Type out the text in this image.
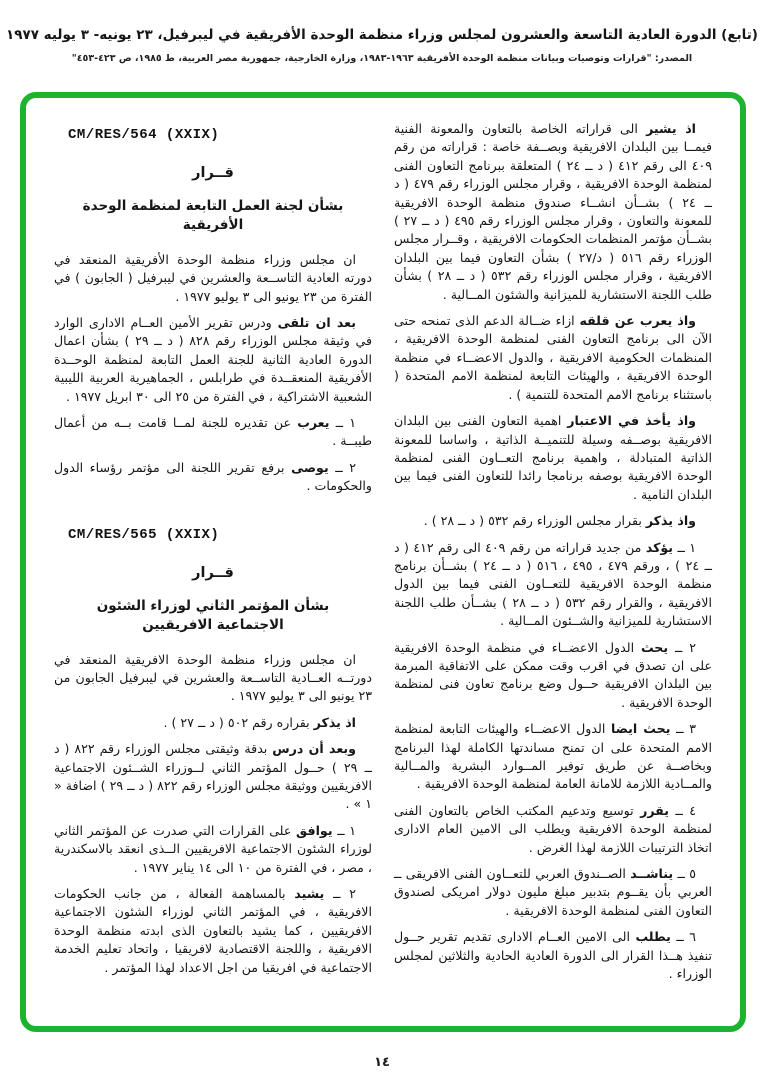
(تابع) الدورة العادية التاسعة والعشرون لمجلس وزراء منظمة الوحدة الأفريقية في ليبرفيل، ٢٣ يونيه- ٣ يوليه ١٩٧٧
المصدر: "قرارات وتوصيات وبيانات منظمة الوحدة الأفريقية ١٩٦٣-١٩٨٣، وزارة الخارجية، جمهورية مصر العربية، ط ١٩٨٥، ص ٤٢٣-٤٥٣"

اذ يشير الى قراراته الخاصة بالتعاون والمعونة الفنية فيمــا بين البلدان الافريقية وبصــفة خاصة : قراراته من رقم ٤٠٩ الى رقم ٤١٢ ( د ــ ٢٤ ) المتعلقة ببرنامج التعاون الفنى لمنظمة الوحدة الافريقية ، وقرار مجلس الوزراء رقم ٤٧٩ ( د ــ ٢٤ ) بشــأن انشــاء صندوق منظمة الوحدة الافريقية للمعونة والتعاون ، وقرار مجلس الوزراء رقم ٤٩٥ ( د ــ ٢٧ ) بشــأن مؤتمر المنظمات الحكومات الافريقية ، وقــرار مجلس الوزراء رقم ٥١٦ ( د/٢٧ ) بشأن التعاون فيما بين البلدان الافريقية ، وقرار مجلس الوزراء رقم ٥٣٢ ( د ــ ٢٨ ) بشأن طلب اللجنة الاستشارية للميزانية والشئون المــالية .

واذ يعرب عن قلقه ازاء ضــالة الدعم الذى تمنحه حتى الآن الى برنامج التعاون الفنى لمنظمة الوحدة الافريقية ، المنظمات الحكومية الافريقية ، والدول الاعضــاء في منظمة الوحدة الافريقية ، والهيئات التابعة لمنظمة الامم المتحدة ( باستثناء برنامج الامم المتحدة للتنمية ) .

واذ يأخذ في الاعتبار اهمية التعاون الفنى بين البلدان الافريقية بوصــفه وسيلة للتنميــة الذاتية ، واساسا للمعونة الذاتية المتبادلة ، واهمية برنامج التعــاون الفنى لمنظمة الوحدة الافريقية بوصفه برنامجا رائدا للتعاون الفنى فيما بين البلدان النامية .

واذ يذكر بقرار مجلس الوزراء رقم ٥٣٢ ( د ــ ٢٨ ) .

١ ــ يؤكد من جديد قراراته من رقم ٤٠٩ الى رقم ٤١٢ ( د ــ ٢٤ ) ، ورقم ٤٧٩ ، ٤٩٥ ، ٥١٦ ( د ــ ٢٤ ) بشــأن برنامج منظمة الوحدة الافريقية للتعــاون الفنى فيما بين الدول الافريقية ، والقرار رقم ٥٣٢ ( د ــ ٢٨ ) بشــأن طلب اللجنة الاستشارية للميزانية والشــئون المــالية .

٢ ــ يحث الدول الاعضــاء في منظمة الوحدة الافريقية على ان تصدق في اقرب وقت ممكن على الاتفاقية المبرمة بين البلدان الافريقية حــول وضع برنامج تعاون فنى لمنظمة الوحدة الافريقية .

٣ ــ يحث ايضا الدول الاعضــاء والهيئات التابعة لمنظمة الامم المتحدة على ان تمنح مساندتها الكاملة لهذا البرنامج وبخاصــة عن طريق توفير المــوارد البشرية والمــالية والمــادية اللازمة للامانة العامة لمنظمة الوحدة الافريقية .

٤ ــ يقرر توسيع وتدعيم المكتب الخاص بالتعاون الفنى لمنظمة الوحدة الافريقية ويطلب الى الامين العام الادارى اتخاذ الترتيبات اللازمة لهذا الغرض .

٥ ــ يناشــد الصــندوق العربي للتعــاون الفنى الافريقى ــ العربي بأن يقــوم بتدبير مبلغ مليون دولار امريكى لصندوق التعاون الفنى لمنظمة الوحدة الافريقية .

٦ ــ يطلب الى الامين العــام الادارى تقديم تقرير حــول تنفيذ هــذا القرار الى الدورة العادية الحادية والثلاثين لمجلس الوزراء .

CM/RES/564 (XXIX)

قــرار

بشأن لجنة العمل التابعة لمنظمة الوحدة الأفريقية

ان مجلس وزراء منظمة الوحدة الأفريقية المنعقد في دورته العادية التاســعة والعشرين في ليبرفيل ( الجابون ) في الفترة من ٢٣ يونيو الى ٣ يوليو ١٩٧٧ .

بعد ان تلقى ودرس تقرير الأمين العــام الادارى الوارد في وثيقة مجلس الوزراء رقم ٨٢٨ ( د ــ ٢٩ ) بشأن اعمال الدورة العادية الثانية للجنة العمل التابعة لمنظمة الوحــدة الأفريقية المنعقــدة في طرابلس ، الجماهيرية العربية الليبية الشعبية الاشتراكية ، في الفترة من ٢٥ الى ٣٠ ابريل ١٩٧٧ .

١ ــ يعرب عن تقديره للجنة لمــا قامت بــه من أعمال طيبــة .

٢ ــ يوصى برفع تقرير اللجنة الى مؤتمر رؤساء الدول والحكومات .

CM/RES/565 (XXIX)

قــرار

بشأن المؤتمر الثاني لوزراء الشئون الاجتماعية الافريقيين

ان مجلس وزراء منظمة الوحدة الافريقية المنعقد في دورتــه العــادية التاســعة والعشرين في ليبرفيل الجابون من ٢٣ يونيو الى ٣ يوليو ١٩٧٧ .

اذ يذكر بقراره رقم ٥٠٢ ( د ــ ٢٧ ) .

وبعد أن درس بدقة وثيقتى مجلس الوزراء رقم ٨٢٢ ( د ــ ٢٩ ) حــول المؤتمر الثاني لــوزراء الشــئون الاجتماعية الافريقيين ووثيقة مجلس الوزراء رقم ٨٢٢ ( د ــ ٢٩ ) اضافة « ١ » .

١ ــ يوافق على القرارات التي صدرت عن المؤتمر الثاني لوزراء الشئون الاجتماعية الافريقيين الــذى انعقد بالاسكندرية ، مصر ، في الفترة من ١٠ الى ١٤ يناير ١٩٧٧ .

٢ ــ يشيد بالمساهمة الفعالة ، من جانب الحكومات الافريقية ، في المؤتمر الثاني لوزراء الشئون الاجتماعية الافريقيين ، كما يشيد بالتعاون الذى ابدته منظمة الوحدة الافريقية ، واللجنة الاقتصادية لافريقيا ، واتحاد تعليم الخدمة الاجتماعية في افريقيا من اجل الاعداد لهذا المؤتمر .

١٤
